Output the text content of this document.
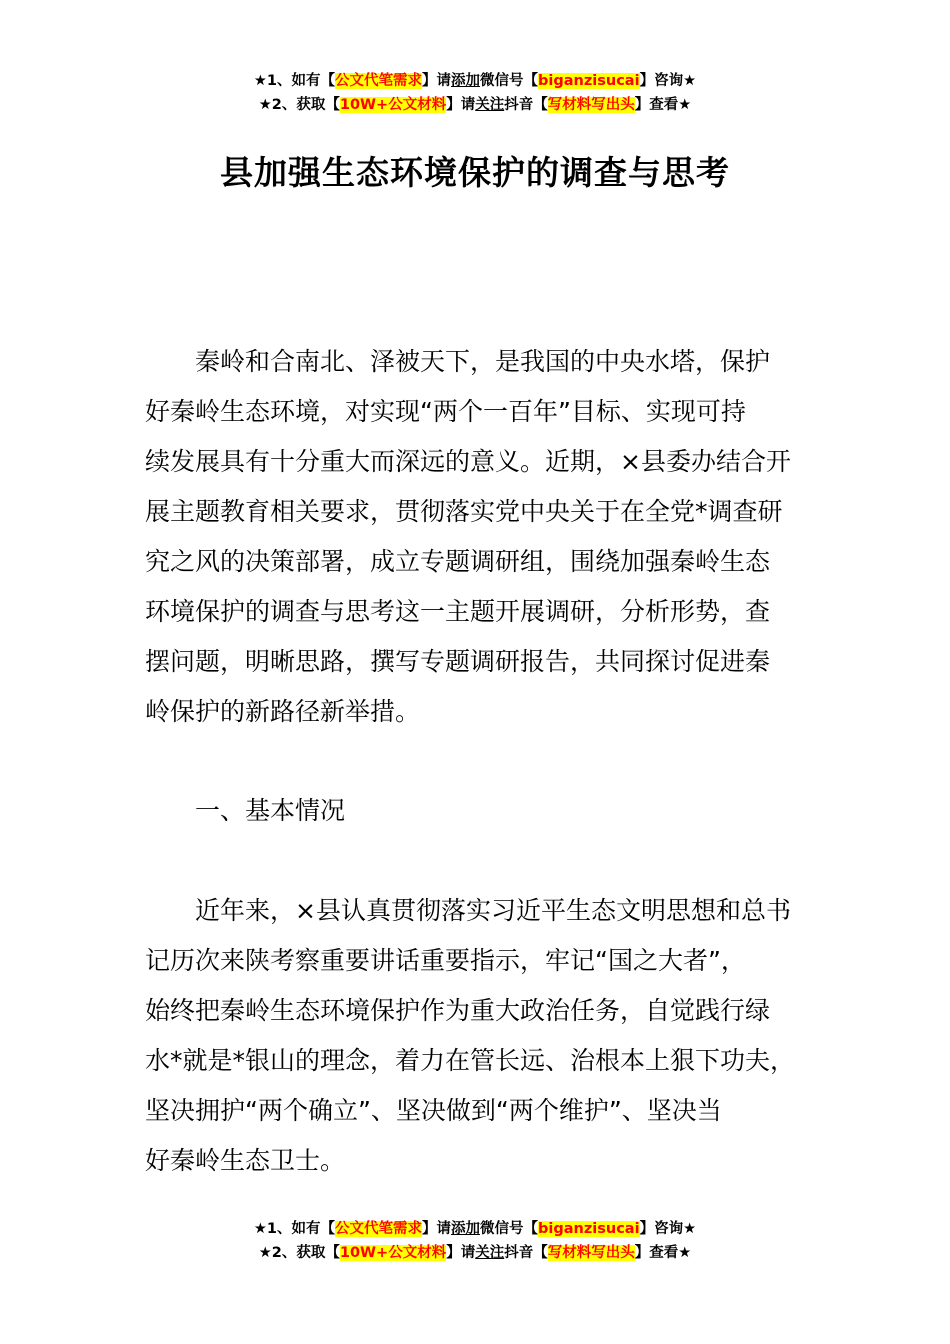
★1、如有【公文代笔需求】请添加微信号【biganzisucai】咨询★
★2、获取【10W+公文材料】请关注抖音【写材料写出头】查看★
县加强生态环境保护的调查与思考
秦岭和合南北、泽被天下，是我国的中央水塔，保护
好秦岭生态环境，对实现“两个一百年”目标、实现可持
续发展具有十分重大而深远的意义。近期，×县委办结合开
展主题教育相关要求，贯彻落实党中央关于在全党*调查研
究之风的决策部署，成立专题调研组，围绕加强秦岭生态
环境保护的调查与思考这一主题开展调研，分析形势，查
摆问题，明晰思路，撰写专题调研报告，共同探讨促进秦
岭保护的新路径新举措。
一、基本情况
近年来，×县认真贯彻落实习近平生态文明思想和总书
记历次来陕考察重要讲话重要指示，牢记“国之大者”，
始终把秦岭生态环境保护作为重大政治任务，自觉践行绿
水*就是*银山的理念，着力在管长远、治根本上狠下功夫，
坚决拥护“两个确立”、坚决做到“两个维护”、坚决当
好秦岭生态卫士。
★1、如有【公文代笔需求】请添加微信号【biganzisucai】咨询★
★2、获取【10W+公文材料】请关注抖音【写材料写出头】查看★
